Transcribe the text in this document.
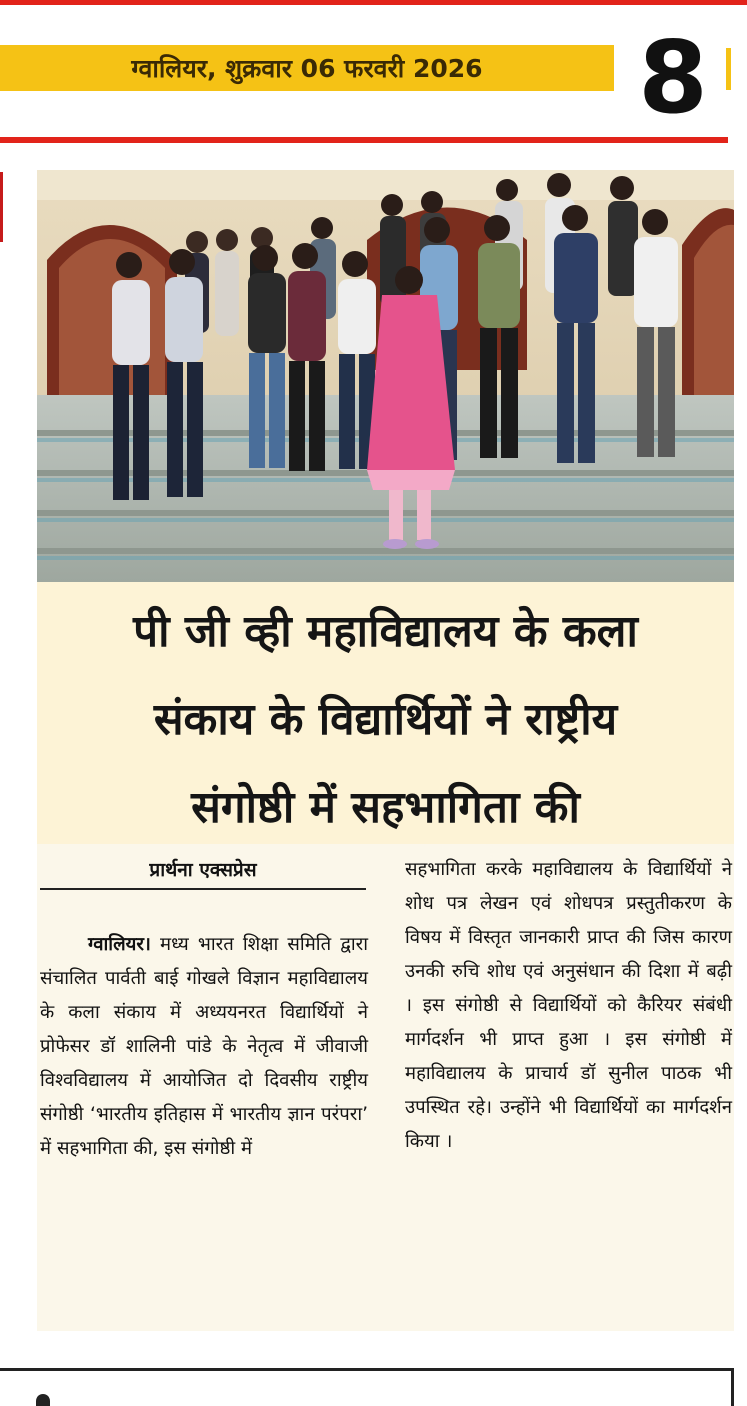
ग्वालियर, शुक्रवार 06 फरवरी 2026	8
पी जी व्ही महाविद्यालय के कला
संकाय के विद्यार्थियों ने राष्ट्रीय
संगोष्ठी में सहभागिता की
प्रार्थना एक्सप्रेस

ग्वालियर। मध्य भारत शिक्षा समिति द्वारा संचालित पार्वती बाई गोखले विज्ञान महाविद्यालय के कला संकाय में अध्ययनरत विद्यार्थियों ने प्रोफेसर डॉ शालिनी पांडे के नेतृत्व में जीवाजी विश्वविद्यालय में आयोजित दो दिवसीय राष्ट्रीय संगोष्ठी ‘भारतीय इतिहास में भारतीय ज्ञान परंपरा’ में सहभागिता की, इस संगोष्ठी में

सहभागिता करके महाविद्यालय के विद्यार्थियों ने शोध पत्र लेखन एवं शोधपत्र प्रस्तुतीकरण के विषय में विस्तृत जानकारी प्राप्त की जिस कारण उनकी रुचि शोध एवं अनुसंधान की दिशा में बढ़ी । इस संगोष्ठी से विद्यार्थियों को कैरियर संबंधी मार्गदर्शन भी प्राप्त हुआ । इस संगोष्ठी में महाविद्यालय के प्राचार्य डॉ सुनील पाठक भी उपस्थित रहे। उन्होंने भी विद्यार्थियों का मार्गदर्शन किया ।
